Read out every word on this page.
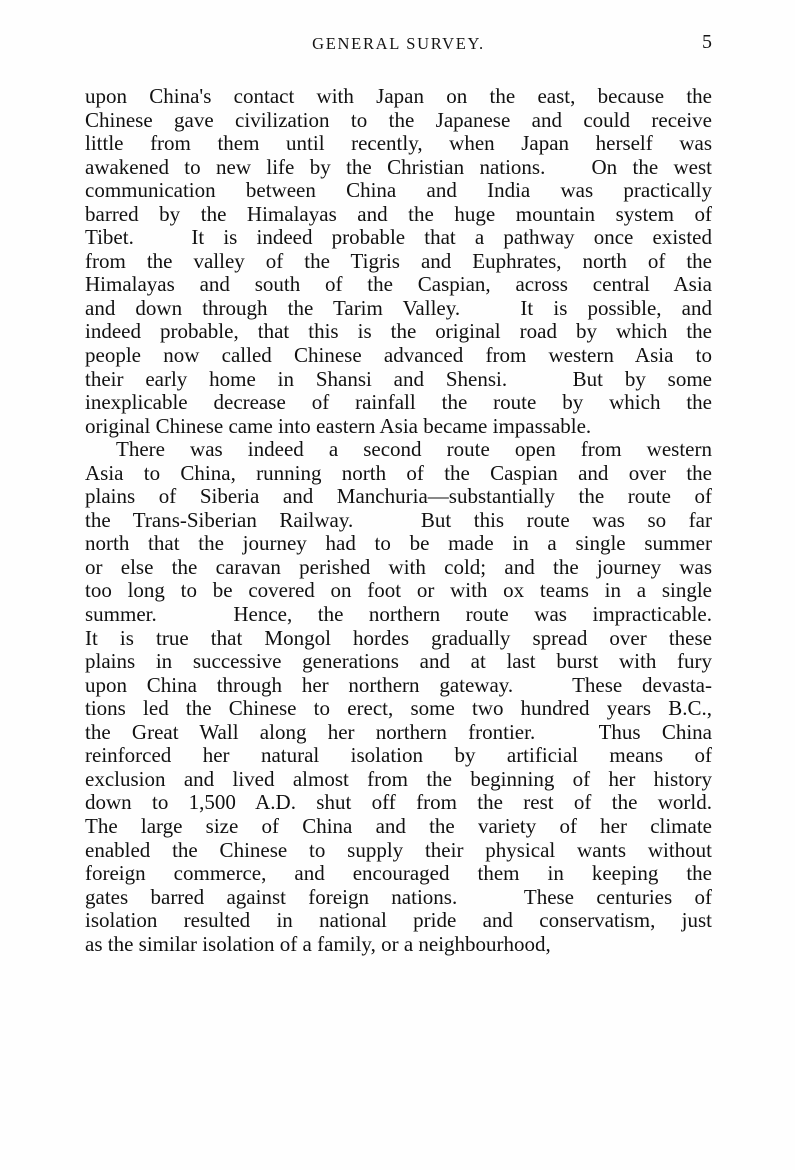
GENERAL SURVEY.	5

upon China's contact with Japan on the east, because the
Chinese gave civilization to the Japanese and could receive
little from them until recently, when Japan herself was
awakened to new life by the Christian nations.   On the west
communication between China and India was practically
barred by the Himalayas and the huge mountain system of
Tibet.   It is indeed probable that a pathway once existed
from the valley of the Tigris and Euphrates, north of the
Himalayas and south of the Caspian, across central Asia
and down through the Tarim Valley.   It is possible, and
indeed probable, that this is the original road by which the
people now called Chinese advanced from western Asia to
their early home in Shansi and Shensi.   But by some
inexplicable decrease of rainfall the route by which the
original Chinese came into eastern Asia became impassable.

There was indeed a second route open from western
Asia to China, running north of the Caspian and over the
plains of Siberia and Manchuria—substantially the route of
the Trans-Siberian Railway.   But this route was so far
north that the journey had to be made in a single summer
or else the caravan perished with cold; and the journey was
too long to be covered on foot or with ox teams in a single
summer.   Hence, the northern route was impracticable.
It is true that Mongol hordes gradually spread over these
plains in successive generations and at last burst with fury
upon China through her northern gateway.   These devasta-
tions led the Chinese to erect, some two hundred years B.C.,
the Great Wall along her northern frontier.   Thus China
reinforced her natural isolation by artificial means of
exclusion and lived almost from the beginning of her history
down to 1,500 A.D. shut off from the rest of the world.
The large size of China and the variety of her climate
enabled the Chinese to supply their physical wants without
foreign commerce, and encouraged them in keeping the
gates barred against foreign nations.   These centuries of
isolation resulted in national pride and conservatism, just
as the similar isolation of a family, or a neighbourhood,
